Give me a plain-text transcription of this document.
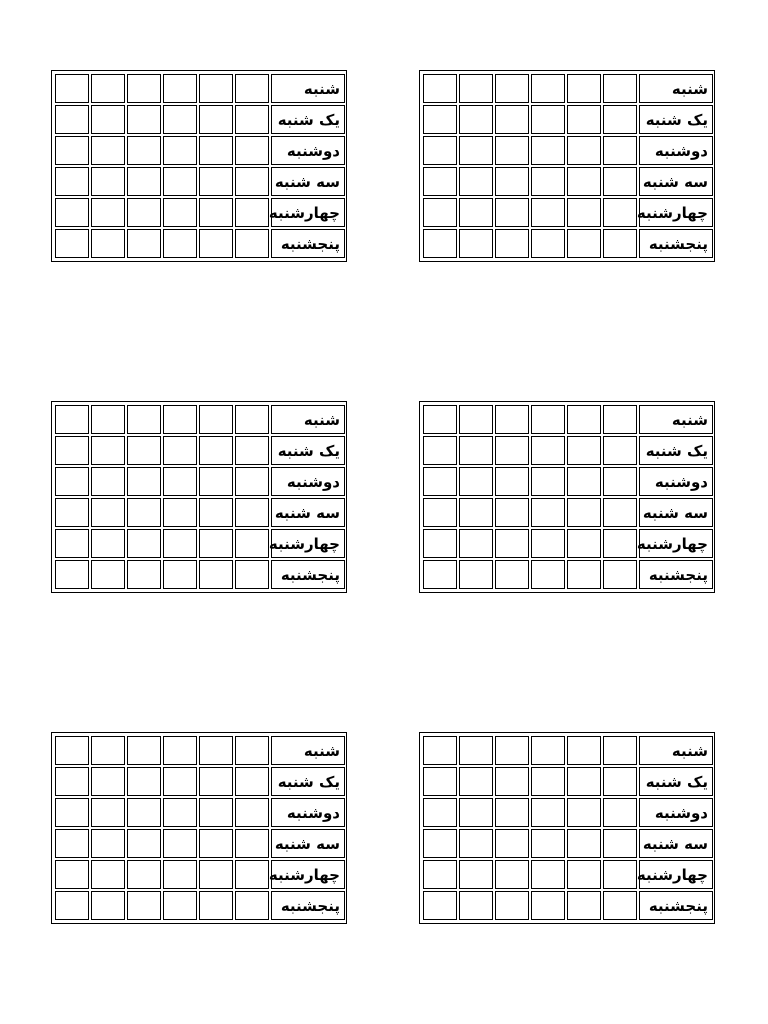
						شنبه
						یک شنبه
						دوشنبه
						سه شنبه
						چهارشنبه
						پنجشنبه
						شنبه
						یک شنبه
						دوشنبه
						سه شنبه
						چهارشنبه
						پنجشنبه
						شنبه
						یک شنبه
						دوشنبه
						سه شنبه
						چهارشنبه
						پنجشنبه
						شنبه
						یک شنبه
						دوشنبه
						سه شنبه
						چهارشنبه
						پنجشنبه
						شنبه
						یک شنبه
						دوشنبه
						سه شنبه
						چهارشنبه
						پنجشنبه
						شنبه
						یک شنبه
						دوشنبه
						سه شنبه
						چهارشنبه
						پنجشنبه
